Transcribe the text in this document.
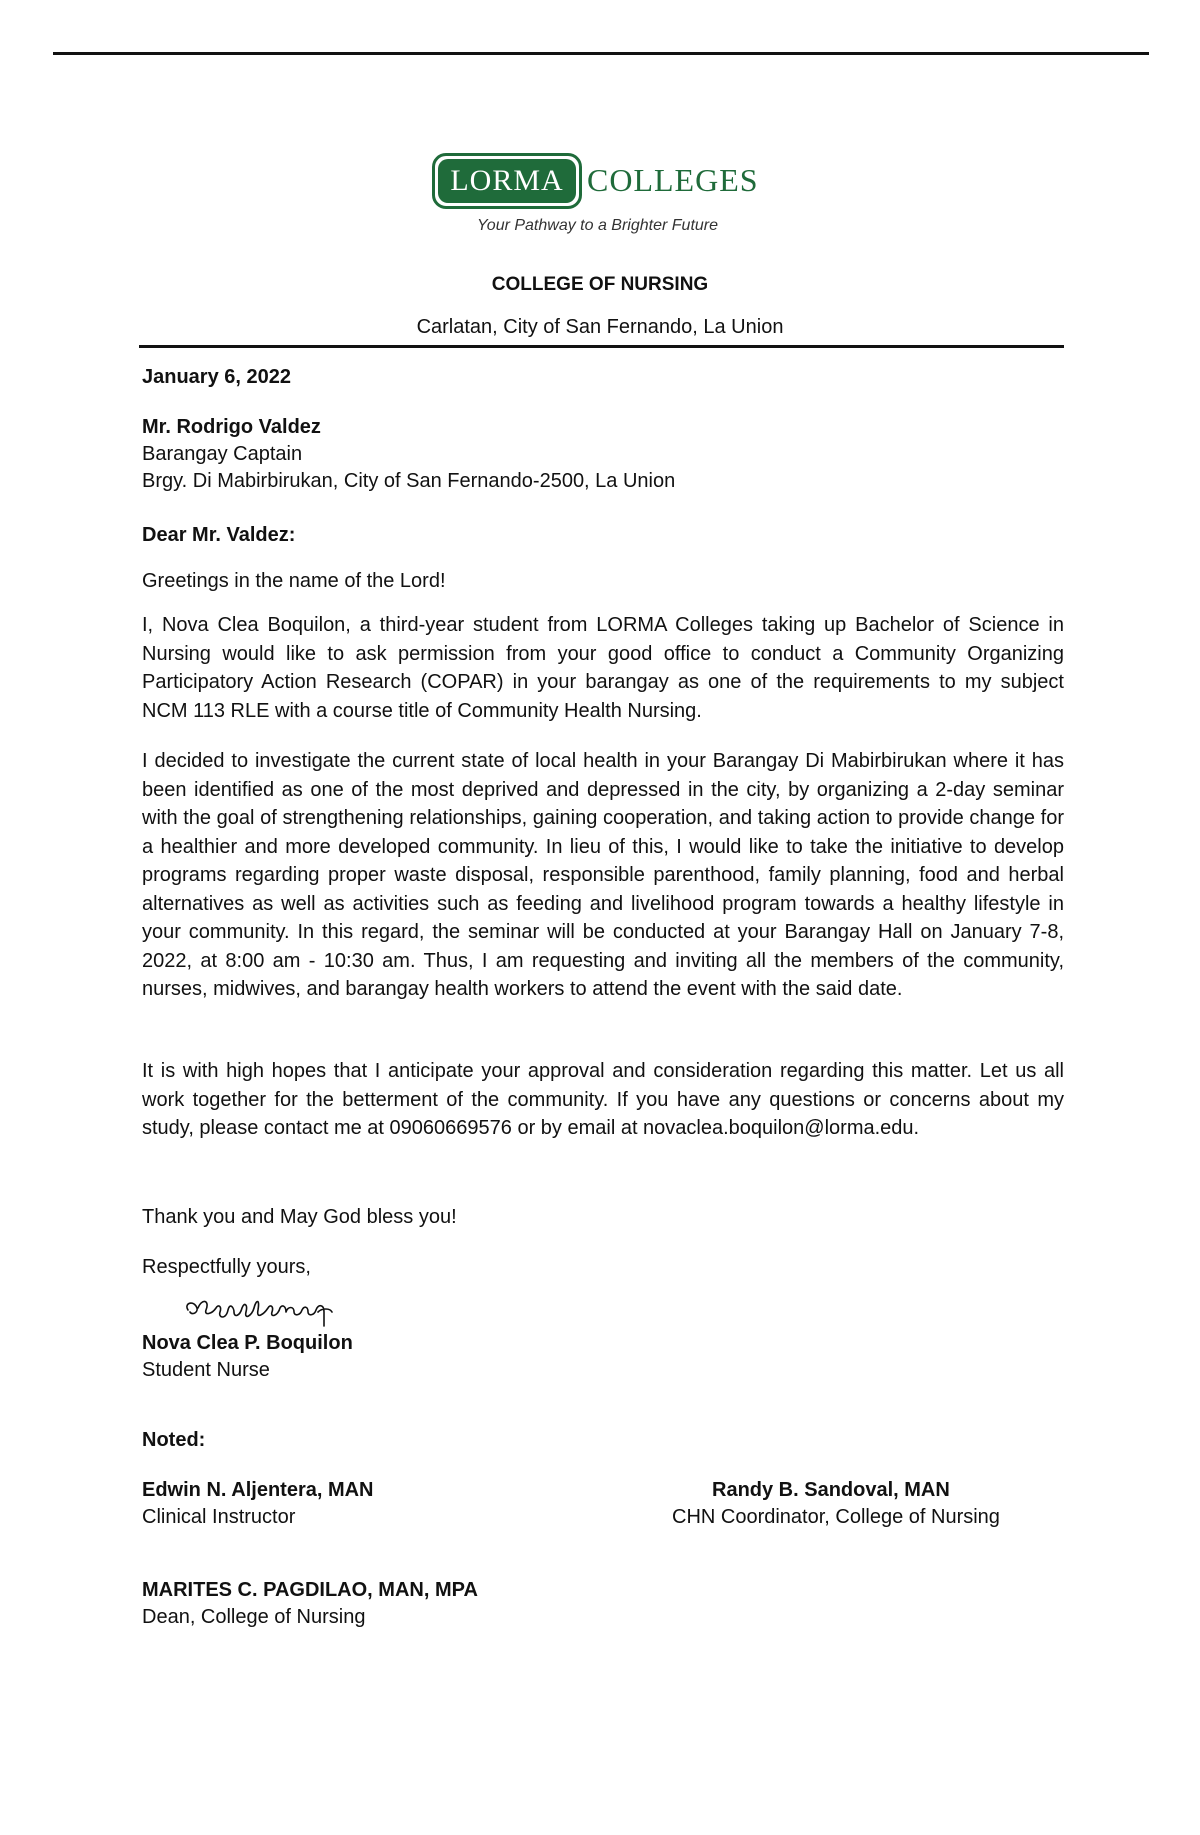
LORMA COLLEGES
Your Pathway to a Brighter Future
COLLEGE OF NURSING
Carlatan, City of San Fernando, La Union
January 6, 2022
Mr. Rodrigo Valdez
Barangay Captain
Brgy. Di Mabirbirukan, City of San Fernando-2500, La Union
Dear Mr. Valdez:
Greetings in the name of the Lord!

I, Nova Clea Boquilon, a third-year student from LORMA Colleges taking up Bachelor of Science in Nursing would like to ask permission from your good office to conduct a Community Organizing Participatory Action Research (COPAR) in your barangay as one of the requirements to my subject NCM 113 RLE with a course title of Community Health Nursing.

I decided to investigate the current state of local health in your Barangay Di Mabirbirukan where it has been identified as one of the most deprived and depressed in the city, by organizing a 2-day seminar with the goal of strengthening relationships, gaining cooperation, and taking action to provide change for a healthier and more developed community. In lieu of this, I would like to take the initiative to develop programs regarding proper waste disposal, responsible parenthood, family planning, food and herbal alternatives as well as activities such as feeding and livelihood program towards a healthy lifestyle in your community. In this regard, the seminar will be conducted at your Barangay Hall on January 7-8, 2022, at 8:00 am - 10:30 am. Thus, I am requesting and inviting all the members of the community, nurses, midwives, and barangay health workers to attend the event with the said date.

It is with high hopes that I anticipate your approval and consideration regarding this matter. Let us all work together for the betterment of the community. If you have any questions or concerns about my study, please contact me at 09060669576 or by email at novaclea.boquilon@lorma.edu.

Thank you and May God bless you!
Respectfully yours,
Nova Clea P. Boquilon
Student Nurse
Noted:
Edwin N. Aljentera, MAN
Clinical Instructor
Randy B. Sandoval, MAN
CHN Coordinator, College of Nursing
MARITES C. PAGDILAO, MAN, MPA
Dean, College of Nursing
